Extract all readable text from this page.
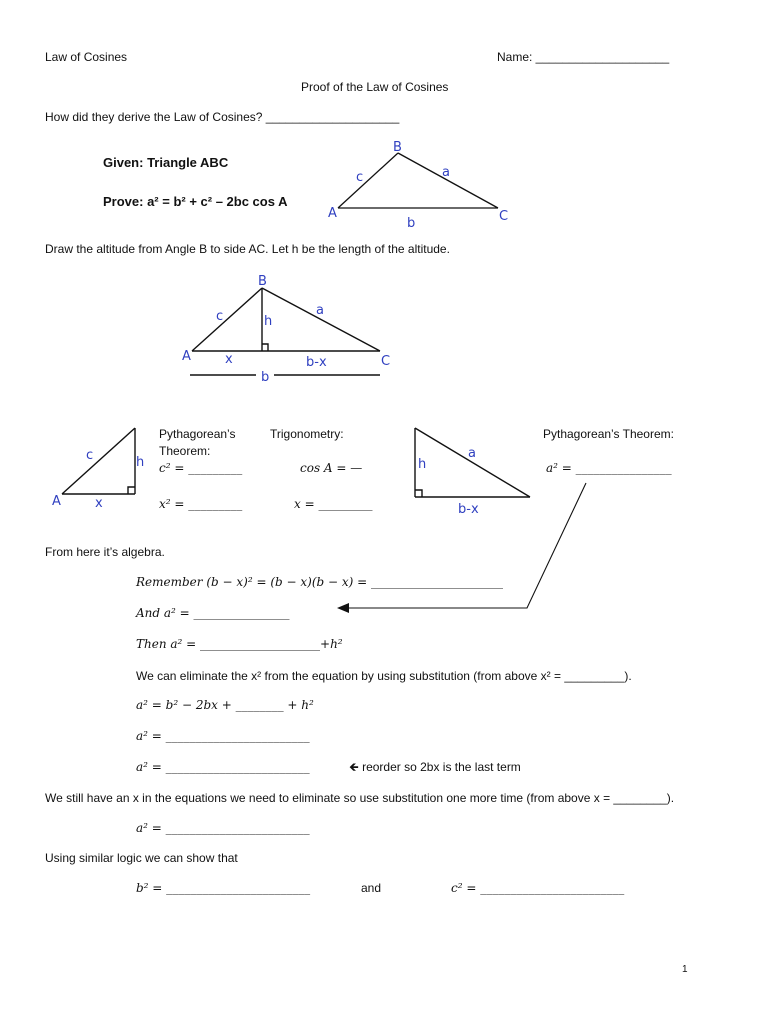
Law of Cosines	Name: ____________________
Proof of the Law of Cosines
How did they derive the Law of Cosines? ____________________
Given: Triangle ABC
Prove: a² = b² + c² – 2bc cos A
B
A	C
c	a
b
B
A	C
c	a
h
x	b-x
b
A
c	h
x
h
a
b-x
Draw the altitude from Angle B to side AC. Let h be the length of the altitude.
Pythagorean’s
Theorem:
c² = _________
x² = _________
Trigonometry:
cos A = —
x = _________
Pythagorean’s Theorem:
a² = ________________
From here it’s algebra.
Remember (b − x)² = (b − x)(b − x) = ______________________
And a² = ________________
Then a² = ____________________+h²
We can eliminate the x² from the equation by using substitution (from above x² = _________).
a² = b² − 2bx + ________ + h²
a² = ________________________
a² = ________________________	🡸 reorder so 2bx is the last term
We still have an x in the equations we need to eliminate so use substitution one more time (from above x = ________).
a² = ________________________
Using similar logic we can show that
b² = ________________________	and	c² = ________________________
1
